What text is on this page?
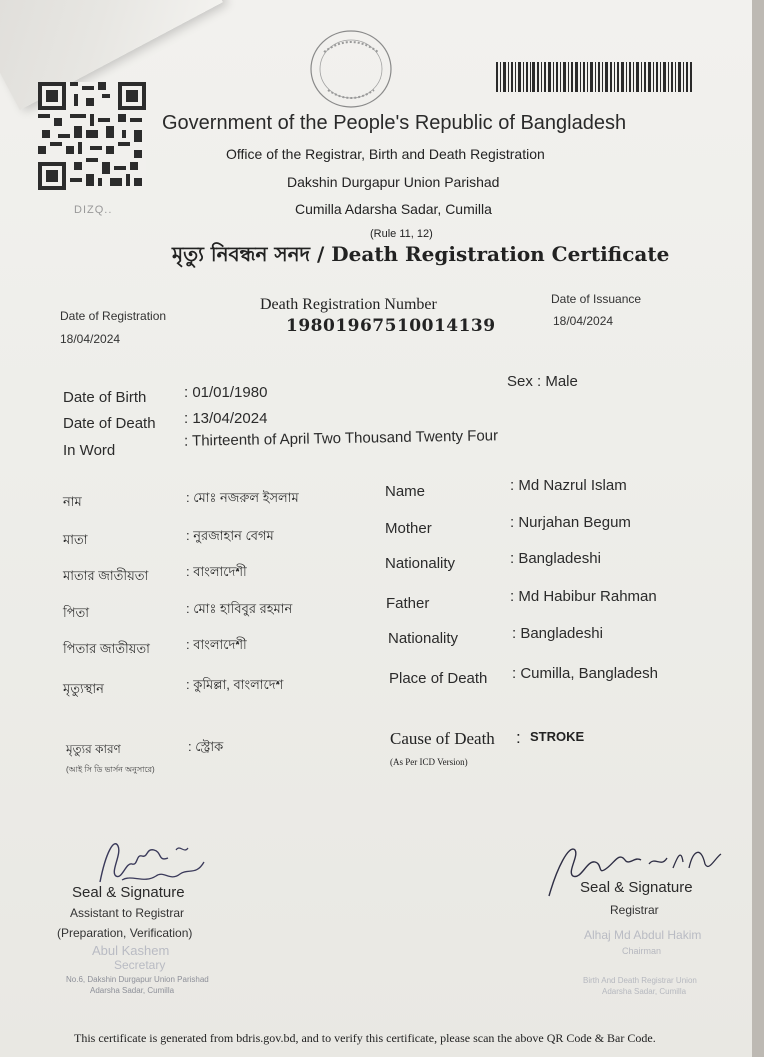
DIZQ..
Government of the People's Republic of Bangladesh
Office of the Registrar, Birth and Death Registration
Dakshin Durgapur Union Parishad
Cumilla Adarsha Sadar, Cumilla
(Rule 11, 12)
মৃত্যু নিবন্ধন সনদ / Death Registration Certificate
Date of Registration
18/04/2024
Death Registration Number
19801967510014139
Date of Issuance
18/04/2024
Date of Birth	: 01/01/1980
Date of Death : 13/04/2024
In Word
: Thirteenth of April Two Thousand Twenty Four
Sex : Male
নাম	: মোঃ নজরুল ইসলাম	Name	: Md Nazrul Islam
মাতা	: নুরজাহান বেগম	Mother	: Nurjahan Begum
মাতার জাতীয়তা	: বাংলাদেশী	Nationality	: Bangladeshi
পিতা	: মোঃ হাবিবুর রহমান	Father	: Md Habibur Rahman
পিতার জাতীয়তা	: বাংলাদেশী	Nationality	: Bangladeshi
মৃত্যুস্থান	: কুমিল্লা, বাংলাদেশ	Place of Death : Cumilla, Bangladesh
মৃত্যুর কারণ
(আই সি ডি ভার্সন অনুসারে)
: স্ট্রোক	Cause of Death : STROKE
(As Per ICD Version)
Seal & Signature
Assistant to Registrar
(Preparation, Verification)
Abul Kashem
Secretary
No.6, Dakshin Durgapur Union Parishad
Adarsha Sadar, Cumilla
Seal & Signature
Registrar
Alhaj Md Abdul Hakim
Chairman
Birth And Death Registrar Union
Adarsha Sadar, Cumilla
This certificate is generated from bdris.gov.bd, and to verify this certificate, please scan the above QR Code & Bar Code.
